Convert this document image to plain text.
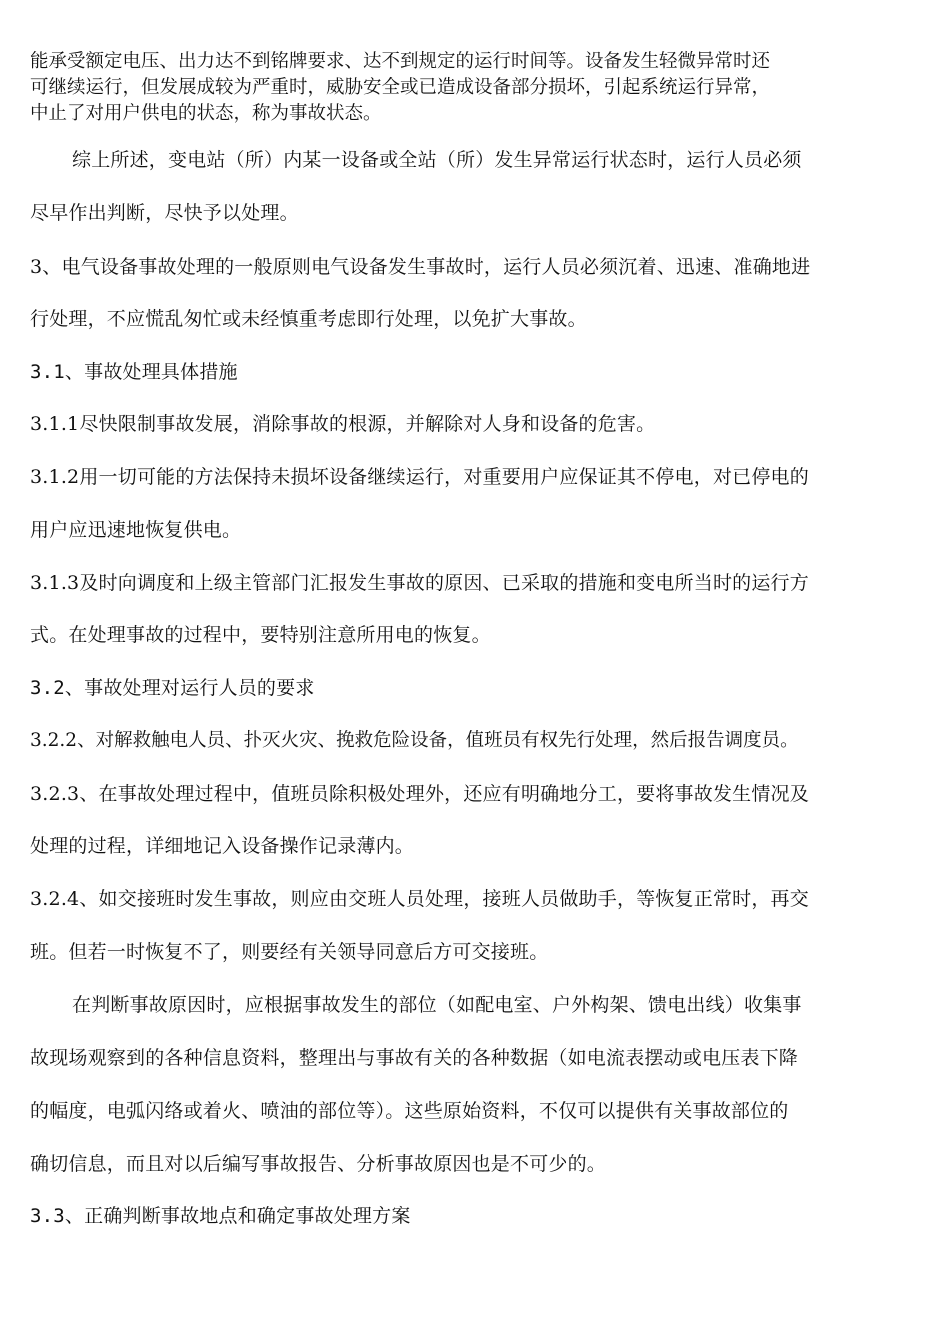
能承受额定电压、出力达不到铭牌要求、达不到规定的运行时间等。设备发生轻微异常时还
可继续运行，但发展成较为严重时，威胁安全或已造成设备部分损坏，引起系统运行异常，
中止了对用户供电的状态，称为事故状态。
综上所述，变电站（所）内某一设备或全站（所）发生异常运行状态时，运行人员必须
尽早作出判断，尽快予以处理。
3、电气设备事故处理的一般原则电气设备发生事故时，运行人员必须沉着、迅速、准确地进
行处理，不应慌乱匆忙或未经慎重考虑即行处理，以免扩大事故。
3.1、事故处理具体措施
3.1.1尽快限制事故发展，消除事故的根源，并解除对人身和设备的危害。
3.1.2用一切可能的方法保持未损坏设备继续运行，对重要用户应保证其不停电，对已停电的
用户应迅速地恢复供电。
3.1.3及时向调度和上级主管部门汇报发生事故的原因、已采取的措施和变电所当时的运行方
式。在处理事故的过程中，要特别注意所用电的恢复。
3.2、事故处理对运行人员的要求
3.2.2、对解救触电人员、扑灭火灾、挽救危险设备，值班员有权先行处理，然后报告调度员。
3.2.3、在事故处理过程中，值班员除积极处理外，还应有明确地分工，要将事故发生情况及
处理的过程，详细地记入设备操作记录薄内。
3.2.4、如交接班时发生事故，则应由交班人员处理，接班人员做助手，等恢复正常时，再交
班。但若一时恢复不了，则要经有关领导同意后方可交接班。
在判断事故原因时，应根据事故发生的部位（如配电室、户外构架、馈电出线）收集事
故现场观察到的各种信息资料，整理出与事故有关的各种数据（如电流表摆动或电压表下降
的幅度，电弧闪络或着火、喷油的部位等）。这些原始资料，不仅可以提供有关事故部位的
确切信息，而且对以后编写事故报告、分析事故原因也是不可少的。
3.3、正确判断事故地点和确定事故处理方案
